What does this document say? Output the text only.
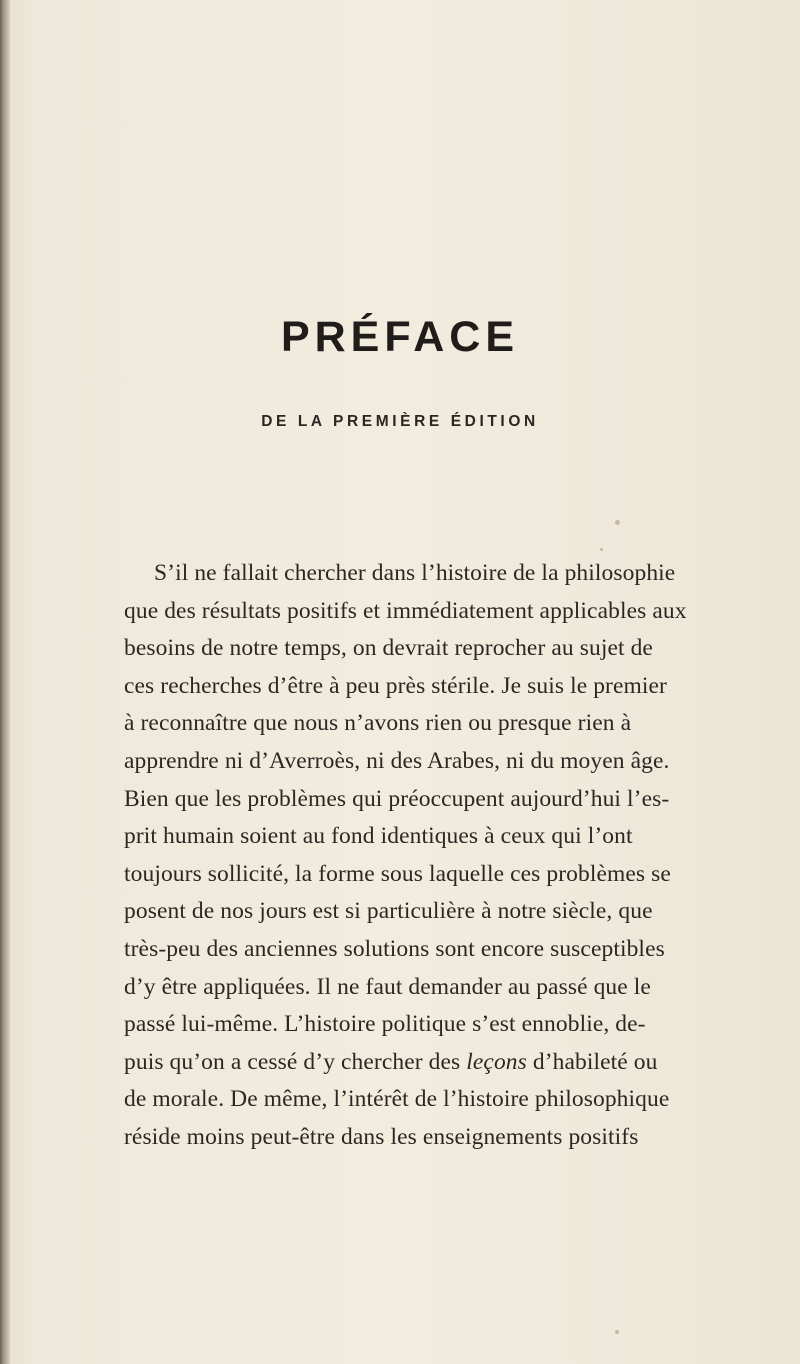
PRÉFACE
DE LA PREMIÈRE ÉDITION
S’il ne fallait chercher dans l’histoire de la philosophie
que des résultats positifs et immédiatement applicables aux
besoins de notre temps, on devrait reprocher au sujet de
ces recherches d’être à peu près stérile. Je suis le premier
à reconnaître que nous n’avons rien ou presque rien à
apprendre ni d’Averroès, ni des Arabes, ni du moyen âge.
Bien que les problèmes qui préoccupent aujourd’hui l’es-
prit humain soient au fond identiques à ceux qui l’ont
toujours sollicité, la forme sous laquelle ces problèmes se
posent de nos jours est si particulière à notre siècle, que
très-peu des anciennes solutions sont encore susceptibles
d’y être appliquées. Il ne faut demander au passé que le
passé lui-même. L’histoire politique s’est ennoblie, de-
puis qu’on a cessé d’y chercher des leçons d’habileté ou
de morale. De même, l’intérêt de l’histoire philosophique
réside moins peut-être dans les enseignements positifs
